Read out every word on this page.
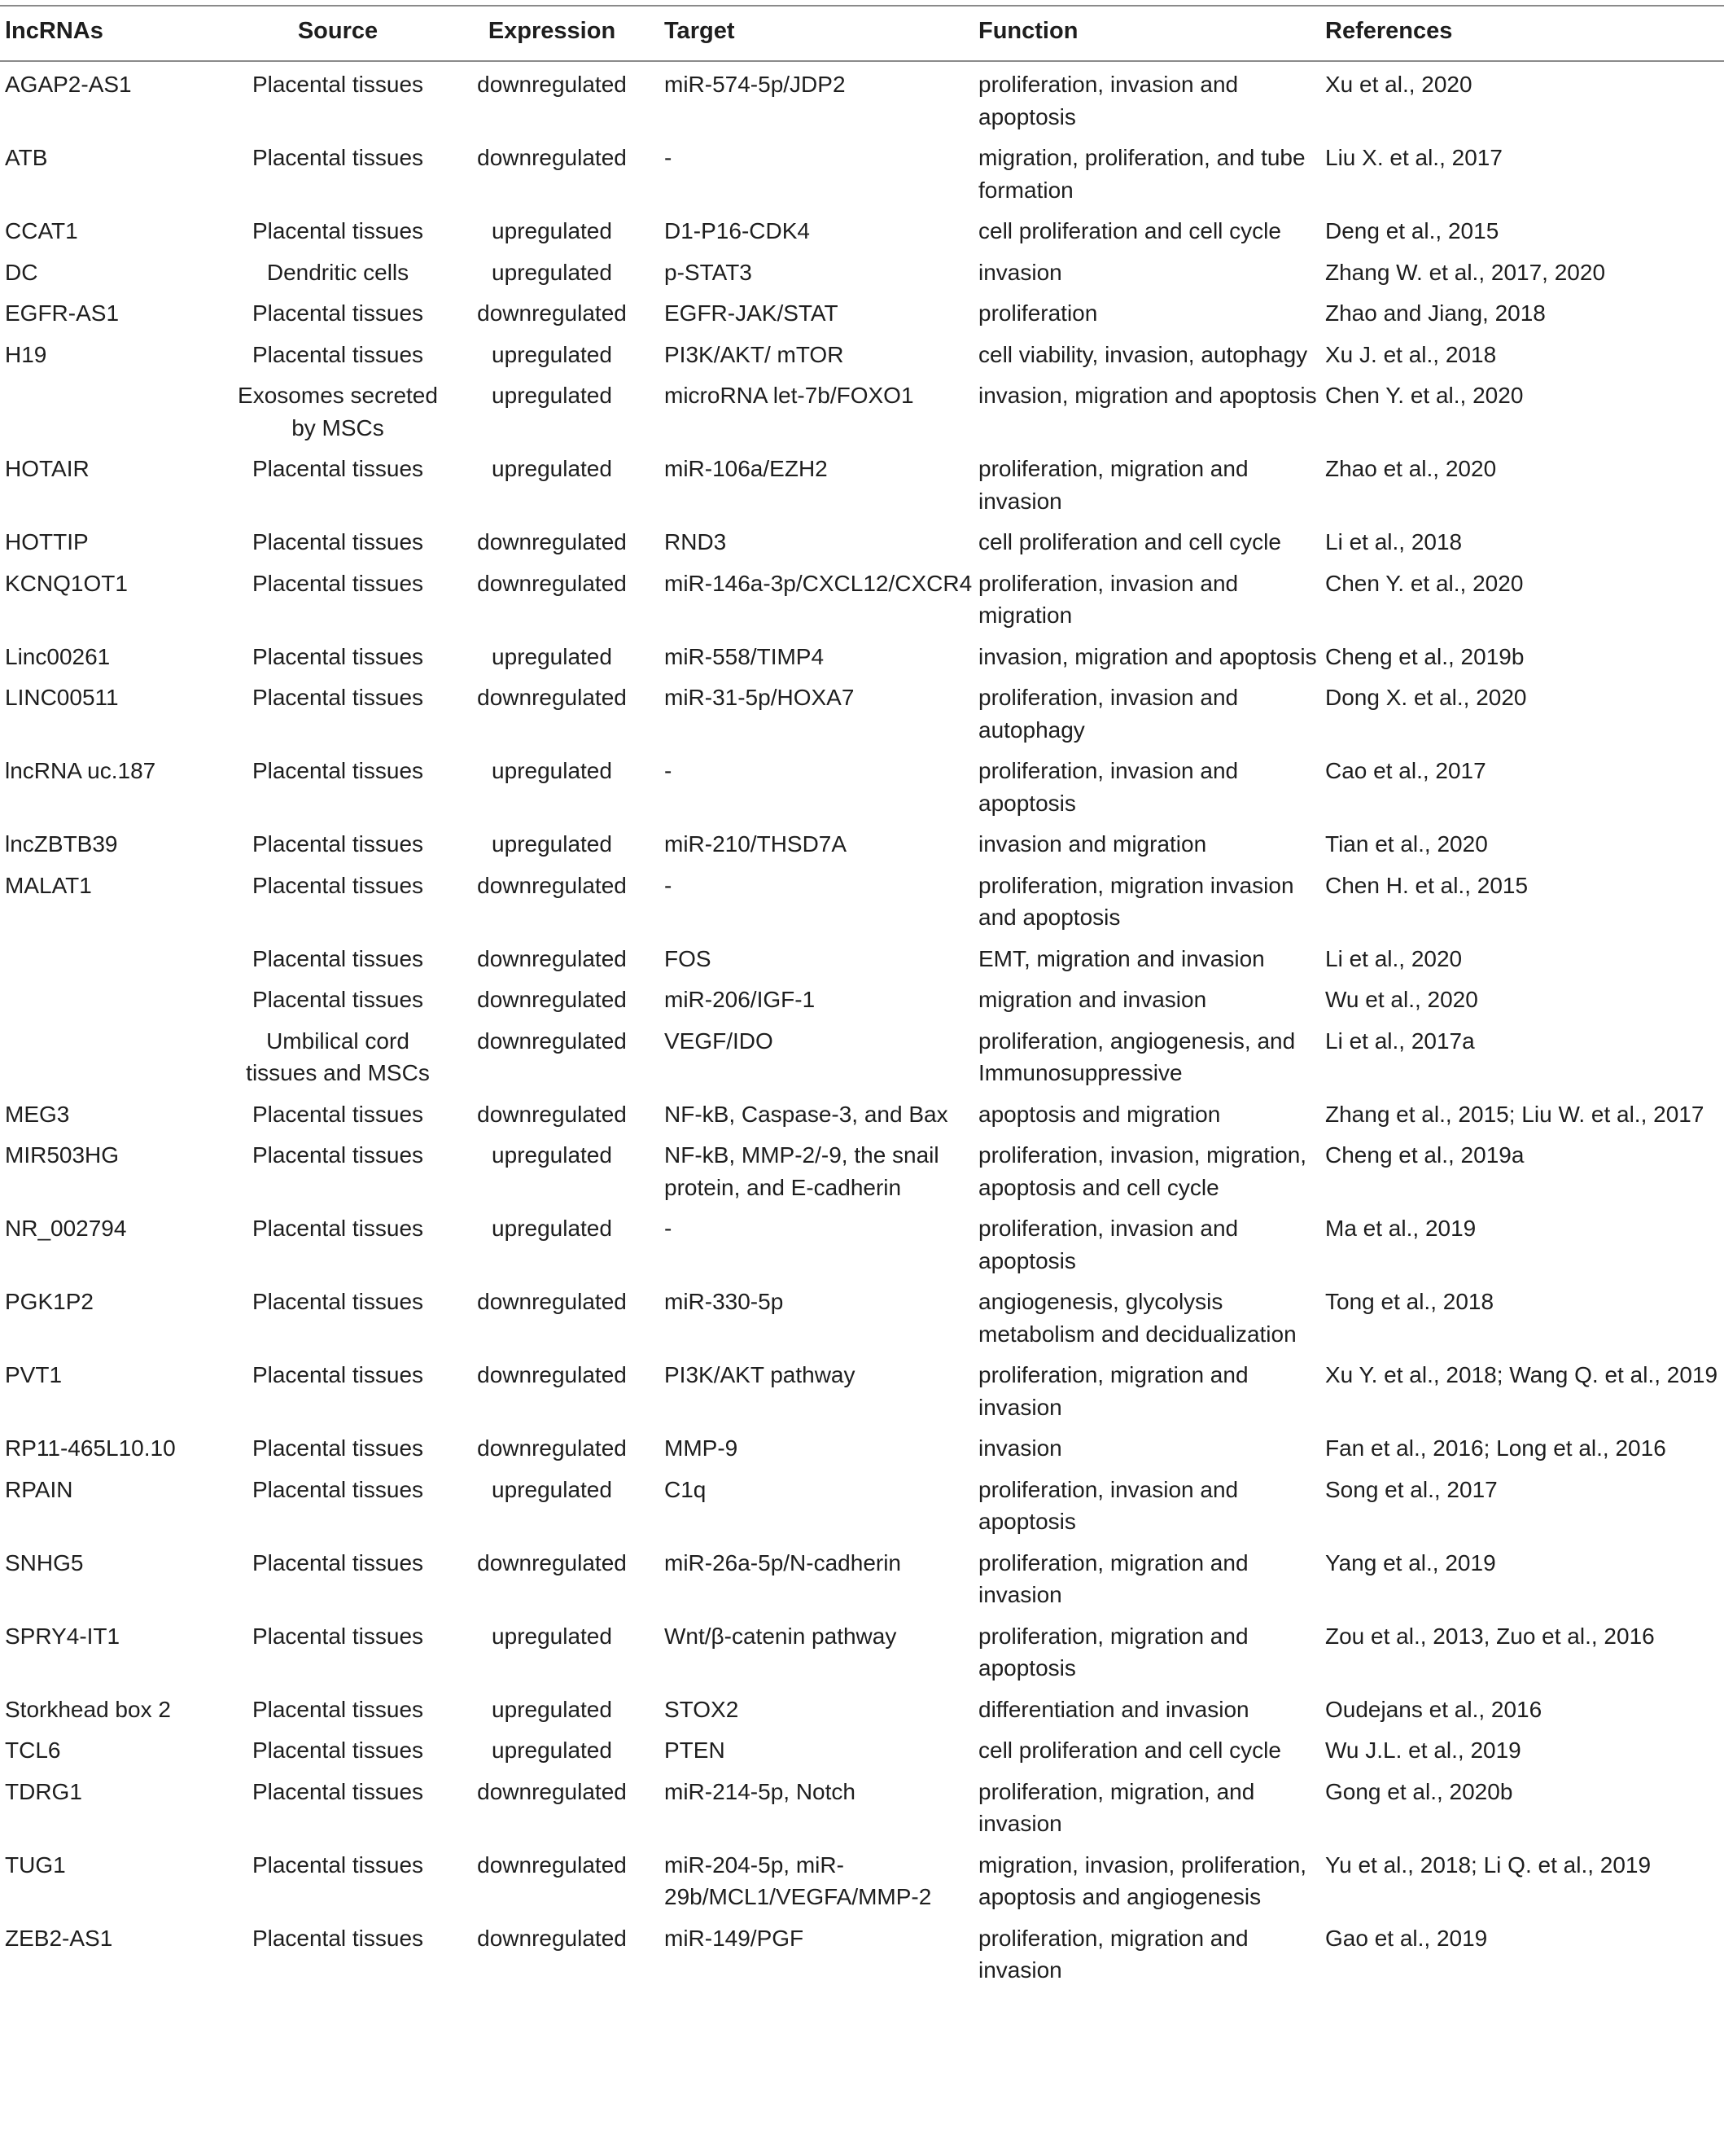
lncRNAs	Source	Expression	Target	Function	References
AGAP2-AS1	Placental tissues	downregulated	miR-574-5p/JDP2	proliferation, invasion and apoptosis	Xu et al., 2020
ATB	Placental tissues	downregulated	-	migration, proliferation, and tube formation	Liu X. et al., 2017
CCAT1	Placental tissues	upregulated	D1-P16-CDK4	cell proliferation and cell cycle	Deng et al., 2015
DC	Dendritic cells	upregulated	p-STAT3	invasion	Zhang W. et al., 2017, 2020
EGFR-AS1	Placental tissues	downregulated	EGFR-JAK/STAT	proliferation	Zhao and Jiang, 2018
H19	Placental tissues	upregulated	PI3K/AKT/ mTOR	cell viability, invasion, autophagy	Xu J. et al., 2018
	Exosomes secreted by MSCs	upregulated	microRNA let-7b/FOXO1	invasion, migration and apoptosis	Chen Y. et al., 2020
HOTAIR	Placental tissues	upregulated	miR-106a/EZH2	proliferation, migration and invasion	Zhao et al., 2020
HOTTIP	Placental tissues	downregulated	RND3	cell proliferation and cell cycle	Li et al., 2018
KCNQ1OT1	Placental tissues	downregulated	miR-146a-3p/CXCL12/CXCR4	proliferation, invasion and migration	Chen Y. et al., 2020
Linc00261	Placental tissues	upregulated	miR-558/TIMP4	invasion, migration and apoptosis	Cheng et al., 2019b
LINC00511	Placental tissues	downregulated	miR-31-5p/HOXA7	proliferation, invasion and autophagy	Dong X. et al., 2020
lncRNA uc.187	Placental tissues	upregulated	-	proliferation, invasion and apoptosis	Cao et al., 2017
lncZBTB39	Placental tissues	upregulated	miR-210/THSD7A	invasion and migration	Tian et al., 2020
MALAT1	Placental tissues	downregulated	-	proliferation, migration invasion and apoptosis	Chen H. et al., 2015
	Placental tissues	downregulated	FOS	EMT, migration and invasion	Li et al., 2020
	Placental tissues	downregulated	miR-206/IGF-1	migration and invasion	Wu et al., 2020
	Umbilical cord tissues and MSCs	downregulated	VEGF/IDO	proliferation, angiogenesis, and Immunosuppressive	Li et al., 2017a
MEG3	Placental tissues	downregulated	NF-kB, Caspase-3, and Bax	apoptosis and migration	Zhang et al., 2015; Liu W. et al., 2017
MIR503HG	Placental tissues	upregulated	NF-kB, MMP-2/-9, the snail protein, and E-cadherin	proliferation, invasion, migration, apoptosis and cell cycle	Cheng et al., 2019a
NR_002794	Placental tissues	upregulated	-	proliferation, invasion and apoptosis	Ma et al., 2019
PGK1P2	Placental tissues	downregulated	miR-330-5p	angiogenesis, glycolysis metabolism and decidualization	Tong et al., 2018
PVT1	Placental tissues	downregulated	PI3K/AKT pathway	proliferation, migration and invasion	Xu Y. et al., 2018; Wang Q. et al., 2019
RP11-465L10.10	Placental tissues	downregulated	MMP-9	invasion	Fan et al., 2016; Long et al., 2016
RPAIN	Placental tissues	upregulated	C1q	proliferation, invasion and apoptosis	Song et al., 2017
SNHG5	Placental tissues	downregulated	miR-26a-5p/N-cadherin	proliferation, migration and invasion	Yang et al., 2019
SPRY4-IT1	Placental tissues	upregulated	Wnt/β-catenin pathway	proliferation, migration and apoptosis	Zou et al., 2013, Zuo et al., 2016
Storkhead box 2	Placental tissues	upregulated	STOX2	differentiation and invasion	Oudejans et al., 2016
TCL6	Placental tissues	upregulated	PTEN	cell proliferation and cell cycle	Wu J.L. et al., 2019
TDRG1	Placental tissues	downregulated	miR-214-5p, Notch	proliferation, migration, and invasion	Gong et al., 2020b
TUG1	Placental tissues	downregulated	miR-204-5p, miR-29b/MCL1/VEGFA/MMP-2	migration, invasion, proliferation, apoptosis and angiogenesis	Yu et al., 2018; Li Q. et al., 2019
ZEB2-AS1	Placental tissues	downregulated	miR-149/PGF	proliferation, migration and invasion	Gao et al., 2019
